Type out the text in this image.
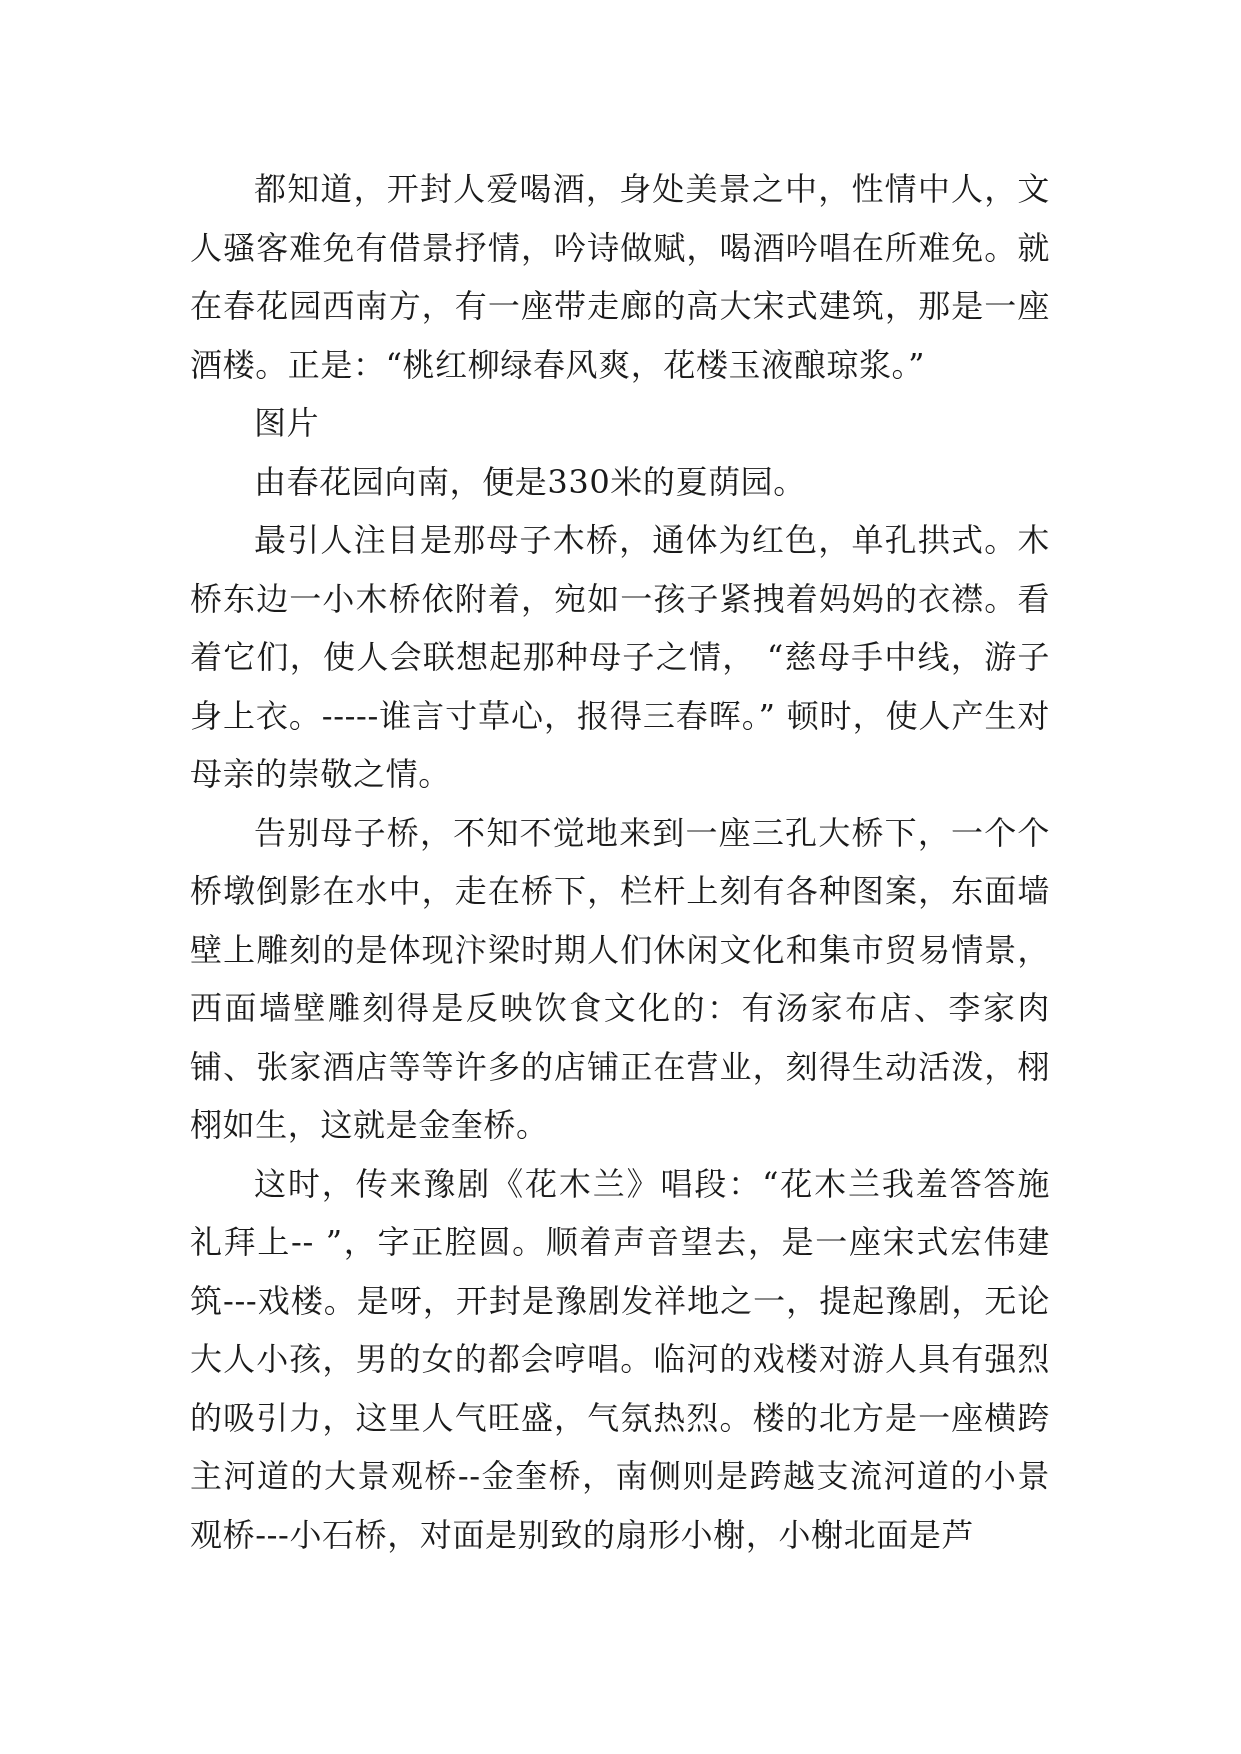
都知道，开封人爱喝酒，身处美景之中，性情中人，文人骚客难免有借景抒情，吟诗做赋，喝酒吟唱在所难免。就在春花园西南方，有一座带走廊的高大宋式建筑，那是一座酒楼。正是：“桃红柳绿春风爽，花楼玉液酿琼浆。”

图片

由春花园向南，便是330米的夏荫园。

最引人注目是那母子木桥，通体为红色，单孔拱式。木桥东边一小木桥依附着，宛如一孩子紧拽着妈妈的衣襟。看着它们，使人会联想起那种母子之情， “慈母手中线，游子身上衣。-----谁言寸草心，报得三春晖。” 顿时，使人产生对母亲的崇敬之情。

告别母子桥，不知不觉地来到一座三孔大桥下，一个个桥墩倒影在水中，走在桥下，栏杆上刻有各种图案，东面墙壁上雕刻的是体现汴梁时期人们休闲文化和集市贸易情景，西面墙壁雕刻得是反映饮食文化的：有汤家布店、李家肉铺、张家酒店等等许多的店铺正在营业，刻得生动活泼，栩栩如生，这就是金奎桥。

这时，传来豫剧《花木兰》唱段：“花木兰我羞答答施礼拜上-- ”，字正腔圆。顺着声音望去，是一座宋式宏伟建筑---戏楼。是呀，开封是豫剧发祥地之一，提起豫剧，无论大人小孩，男的女的都会哼唱。临河的戏楼对游人具有强烈的吸引力，这里人气旺盛，气氛热烈。楼的北方是一座横跨主河道的大景观桥--金奎桥，南侧则是跨越支流河道的小景观桥---小石桥，对面是别致的扇形小榭，小榭北面是芦
